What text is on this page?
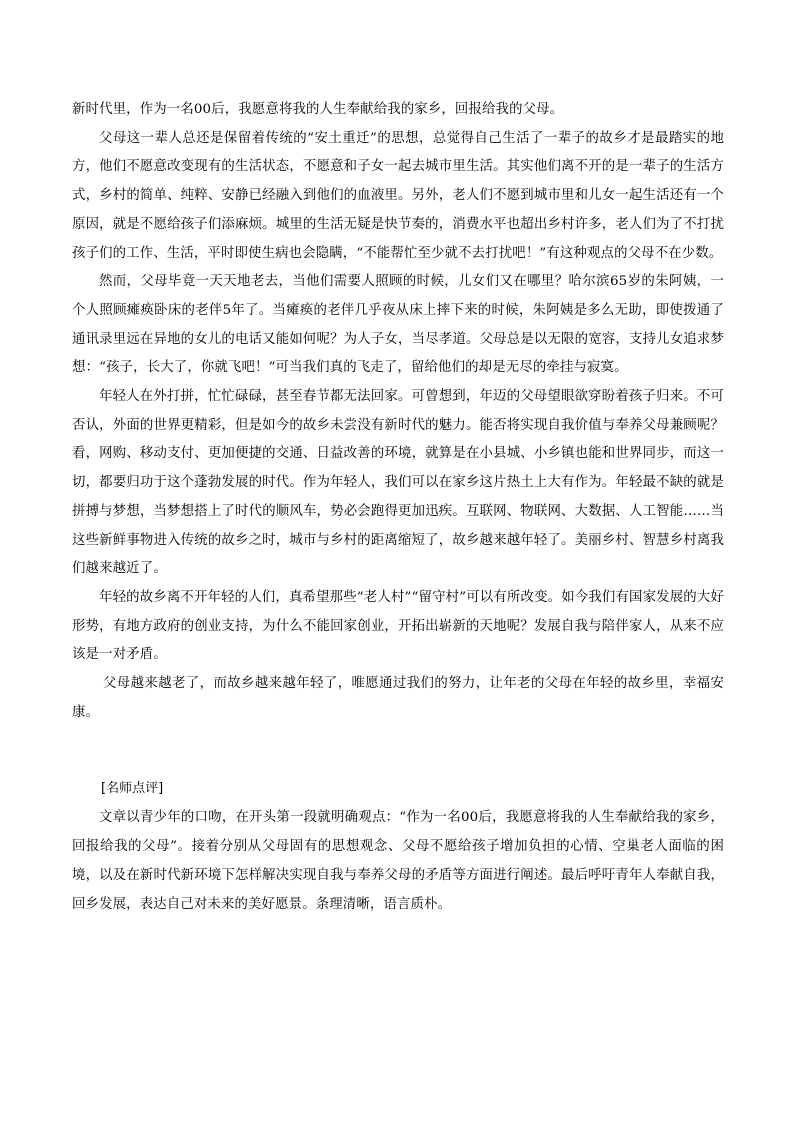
新时代里，作为一名00后，我愿意将我的人生奉献给我的家乡，回报给我的父母。

父母这一辈人总还是保留着传统的“安土重迁”的思想，总觉得自己生活了一辈子的故乡才是最踏实的地方，他们不愿意改变现有的生活状态，不愿意和子女一起去城市里生活。其实他们离不开的是一辈子的生活方式，乡村的简单、纯粹、安静已经融入到他们的血液里。另外，老人们不愿到城市里和儿女一起生活还有一个原因，就是不愿给孩子们添麻烦。城里的生活无疑是快节奏的，消费水平也超出乡村许多，老人们为了不打扰孩子们的工作、生活，平时即使生病也会隐瞒，“不能帮忙至少就不去打扰吧！”有这种观点的父母不在少数。

然而，父母毕竟一天天地老去，当他们需要人照顾的时候，儿女们又在哪里？哈尔滨65岁的朱阿姨，一个人照顾瘫痪卧床的老伴5年了。当瘫痪的老伴几乎夜从床上摔下来的时候，朱阿姨是多么无助，即使拨通了通讯录里远在异地的女儿的电话又能如何呢？为人子女，当尽孝道。父母总是以无限的宽容，支持儿女追求梦想：“孩子，长大了，你就飞吧！”可当我们真的飞走了，留给他们的却是无尽的牵挂与寂寞。

年轻人在外打拼，忙忙碌碌，甚至春节都无法回家。可曾想到，年迈的父母望眼欲穿盼着孩子归来。不可否认，外面的世界更精彩，但是如今的故乡未尝没有新时代的魅力。能否将实现自我价值与奉养父母兼顾呢？看，网购、移动支付、更加便捷的交通、日益改善的环境，就算是在小县城、小乡镇也能和世界同步，而这一切，都要归功于这个蓬勃发展的时代。作为年轻人，我们可以在家乡这片热土上大有作为。年轻最不缺的就是拼搏与梦想，当梦想搭上了时代的顺风车，势必会跑得更加迅疾。互联网、物联网、大数据、人工智能……当这些新鲜事物进入传统的故乡之时，城市与乡村的距离缩短了，故乡越来越年轻了。美丽乡村、智慧乡村离我们越来越近了。

年轻的故乡离不开年轻的人们，真希望那些“老人村”“留守村”可以有所改变。如今我们有国家发展的大好形势，有地方政府的创业支持，为什么不能回家创业，开拓出崭新的天地呢？发展自我与陪伴家人，从来不应该是一对矛盾。

父母越来越老了，而故乡越来越年轻了，唯愿通过我们的努力，让年老的父母在年轻的故乡里，幸福安康。

[名师点评]

文章以青少年的口吻，在开头第一段就明确观点：“作为一名00后，我愿意将我的人生奉献给我的家乡，回报给我的父母”。接着分别从父母固有的思想观念、父母不愿给孩子增加负担的心情、空巢老人面临的困境，以及在新时代新环境下怎样解决实现自我与奉养父母的矛盾等方面进行阐述。最后呼吁青年人奉献自我，回乡发展，表达自己对未来的美好愿景。条理清晰，语言质朴。
